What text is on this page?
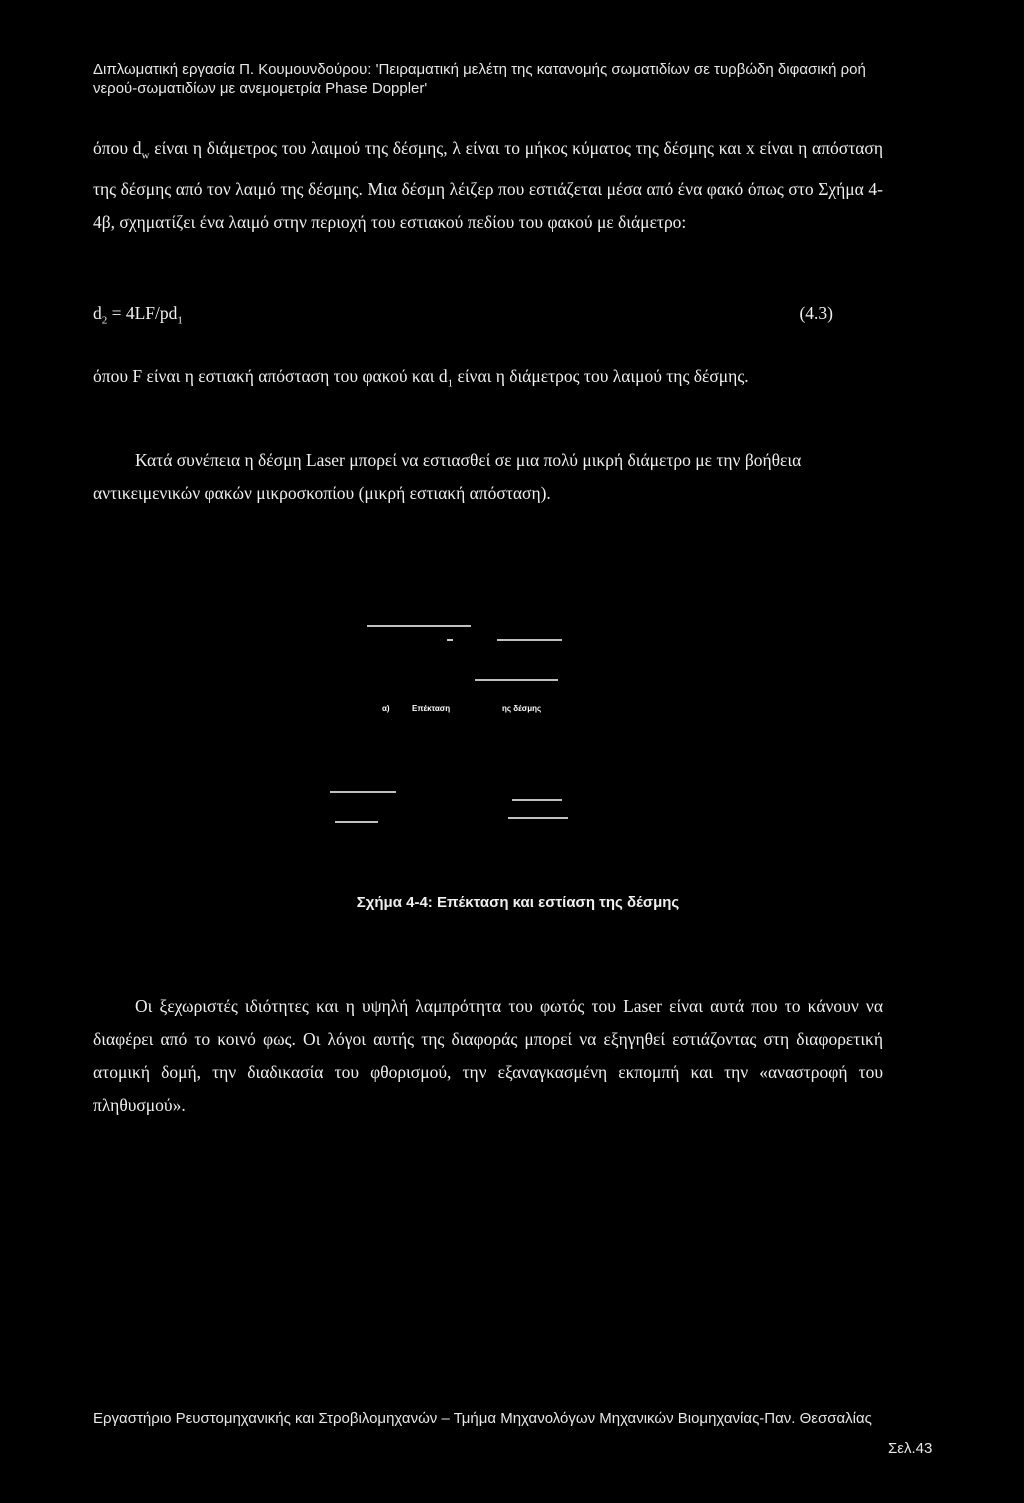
Διπλωματική εργασία Π. Κουμουνδούρου: 'Πειραματική μελέτη της κατανομής σωματιδίων σε τυρβώδη διφασική ροή
νερού-σωματιδίων με ανεμομετρία Phase Doppler'
όπου $d_w$ είναι η διάμετρος του λαιμού της δέσμης, λ είναι το μήκος κύματος της δέσμης και x είναι η απόσταση της δέσμης από τον λαιμό της δέσμης. Μια δέσμη λέιζερ που εστιάζεται μέσα από ένα φακό όπως στο Σχήμα 4-4β, σχηματίζει ένα λαιμό στην περιοχή του εστιακού πεδίου του φακού με διάμετρο:
$d_2 = 4LF/pd_1$	(4.3)
όπου F είναι η εστιακή απόσταση του φακού και $d_1$ είναι η διάμετρος του λαιμού της δέσμης.
Κατά συνέπεια η δέσμη Laser μπορεί να εστιασθεί σε μια πολύ μικρή διάμετρο με την βοήθεια αντικειμενικών φακών μικροσκοπίου (μικρή εστιακή απόσταση).
α)	Επέκταση	ης δέσμης
Σχήμα 4-4: Επέκταση και εστίαση της δέσμης
Οι ξεχωριστές ιδιότητες και η υψηλή λαμπρότητα του φωτός του Laser είναι αυτά που το κάνουν να διαφέρει από το κοινό φως. Οι λόγοι αυτής της διαφοράς μπορεί να εξηγηθεί εστιάζοντας στη διαφορετική ατομική δομή, την διαδικασία του φθορισμού, την εξαναγκασμένη εκπομπή και την «αναστροφή του πληθυσμού».
Εργαστήριο Ρευστομηχανικής και Στροβιλομηχανών – Τμήμα Μηχανολόγων Μηχανικών Βιομηχανίας-Παν. Θεσσαλίας
Σελ.43
